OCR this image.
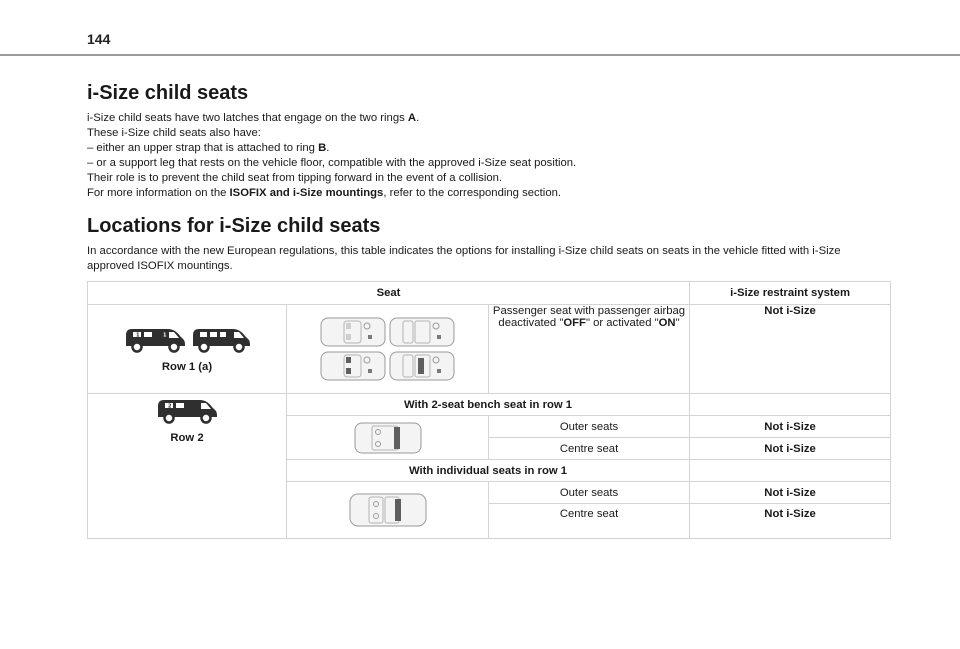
144
i-Size child seats

i-Size child seats have two latches that engage on the two rings A.

These i-Size child seats also have:

– either an upper strap that is attached to ring B.

– or a support leg that rests on the vehicle floor, compatible with the approved i-Size seat position.

Their role is to prevent the child seat from tipping forward in the event of a collision.

For more information on the ISOFIX and i-Size mountings, refer to the corresponding section.

Locations for i-Size child seats

In accordance with the new European regulations, this table indicates the options for installing i-Size child seats on seats in the vehicle fitted with i-Size approved ISOFIX mountings.

Seat			i-Size restraint system

1 1

Row 1 (a)		Passenger seat with passenger airbag deactivated "OFF" or activated "ON"	Not i-Size

2
Row 2	With 2-seat bench seat in row 1		

	Outer seats	Not i-Size
		Centre seat	Not i-Size
	With individual seats in row 1		

	Outer seats	Not i-Size
		Centre seat	Not i-Size
